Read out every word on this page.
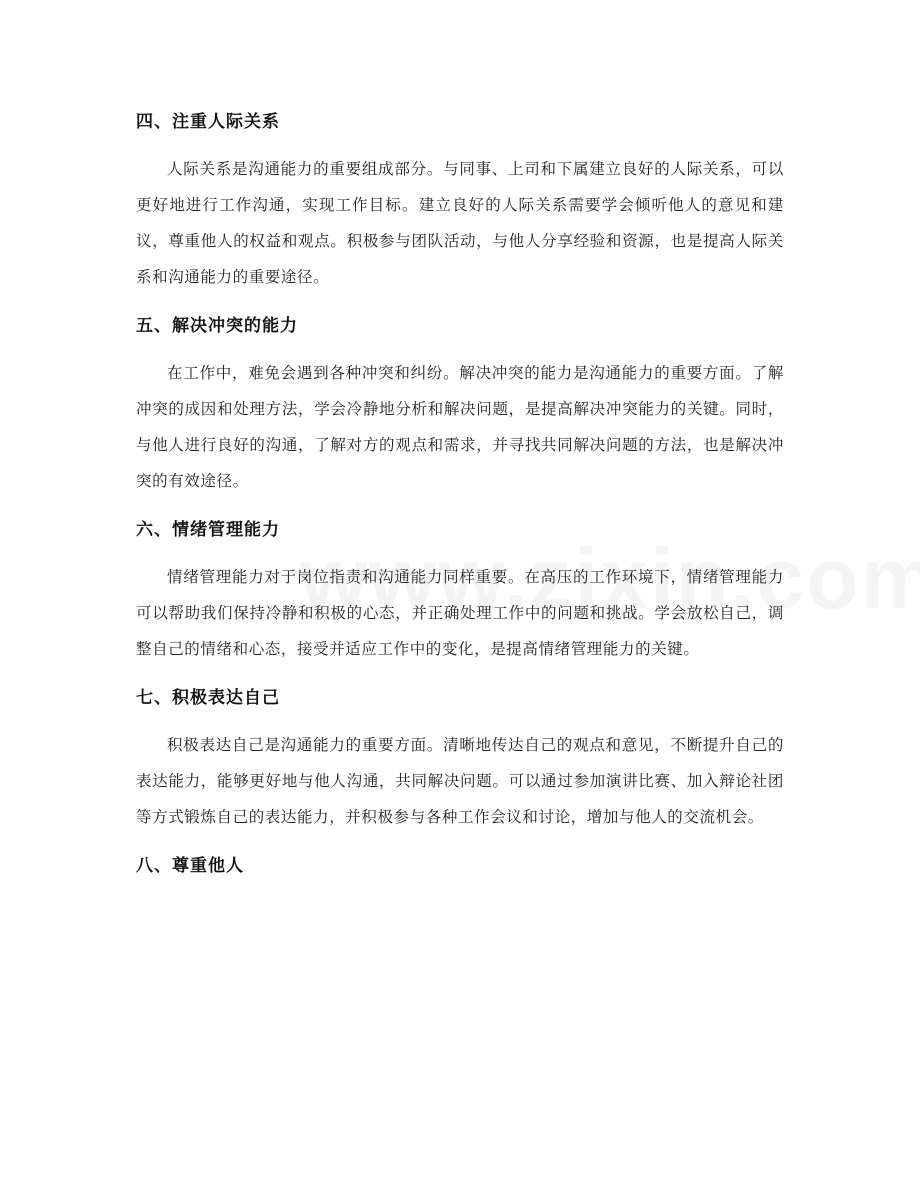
四、注重人际关系

人际关系是沟通能力的重要组成部分。与同事、上司和下属建立良好的人际关系，可以更好地进行工作沟通，实现工作目标。建立良好的人际关系需要学会倾听他人的意见和建议，尊重他人的权益和观点。积极参与团队活动，与他人分享经验和资源，也是提高人际关系和沟通能力的重要途径。

五、解决冲突的能力

在工作中，难免会遇到各种冲突和纠纷。解决冲突的能力是沟通能力的重要方面。了解冲突的成因和处理方法，学会冷静地分析和解决问题，是提高解决冲突能力的关键。同时，与他人进行良好的沟通，了解对方的观点和需求，并寻找共同解决问题的方法，也是解决冲突的有效途径。

六、情绪管理能力

情绪管理能力对于岗位指责和沟通能力同样重要。在高压的工作环境下，情绪管理能力可以帮助我们保持冷静和积极的心态，并正确处理工作中的问题和挑战。学会放松自己，调整自己的情绪和心态，接受并适应工作中的变化，是提高情绪管理能力的关键。

七、积极表达自己

积极表达自己是沟通能力的重要方面。清晰地传达自己的观点和意见，不断提升自己的表达能力，能够更好地与他人沟通，共同解决问题。可以通过参加演讲比赛、加入辩论社团等方式锻炼自己的表达能力，并积极参与各种工作会议和讨论，增加与他人的交流机会。

八、尊重他人
